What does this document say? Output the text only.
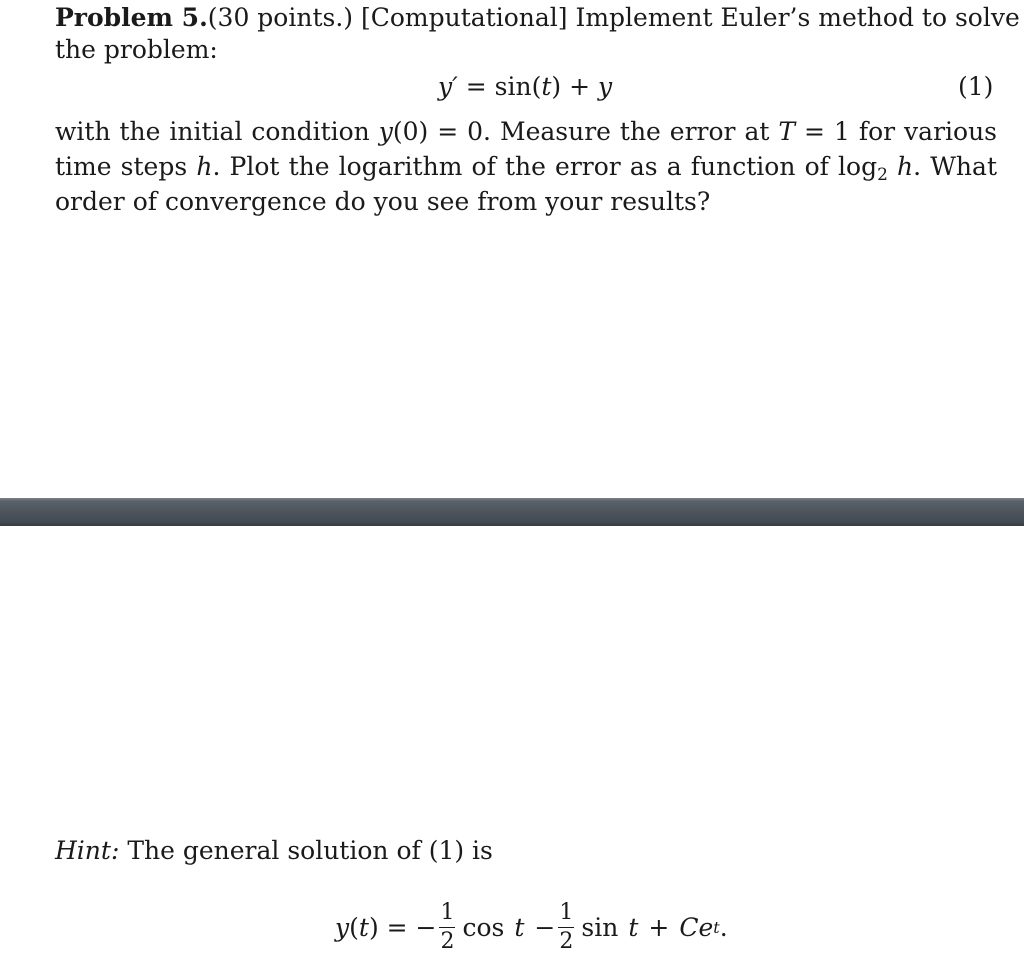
Problem 5.(30 points.) [Computational] Implement Euler’s method to solve
the problem:
y′ = sin(t) + y	(1)
with the initial condition y(0) = 0. Measure the error at T = 1 for various
time steps h. Plot the logarithm of the error as a function of $\log_2 h$. What
order of convergence do you see from your results?
Hint: The general solution of (1) is
y ( t ) = − $\frac{1}{2}$ $\cos t - \frac{1}{2}$ sin t + Ce t .
